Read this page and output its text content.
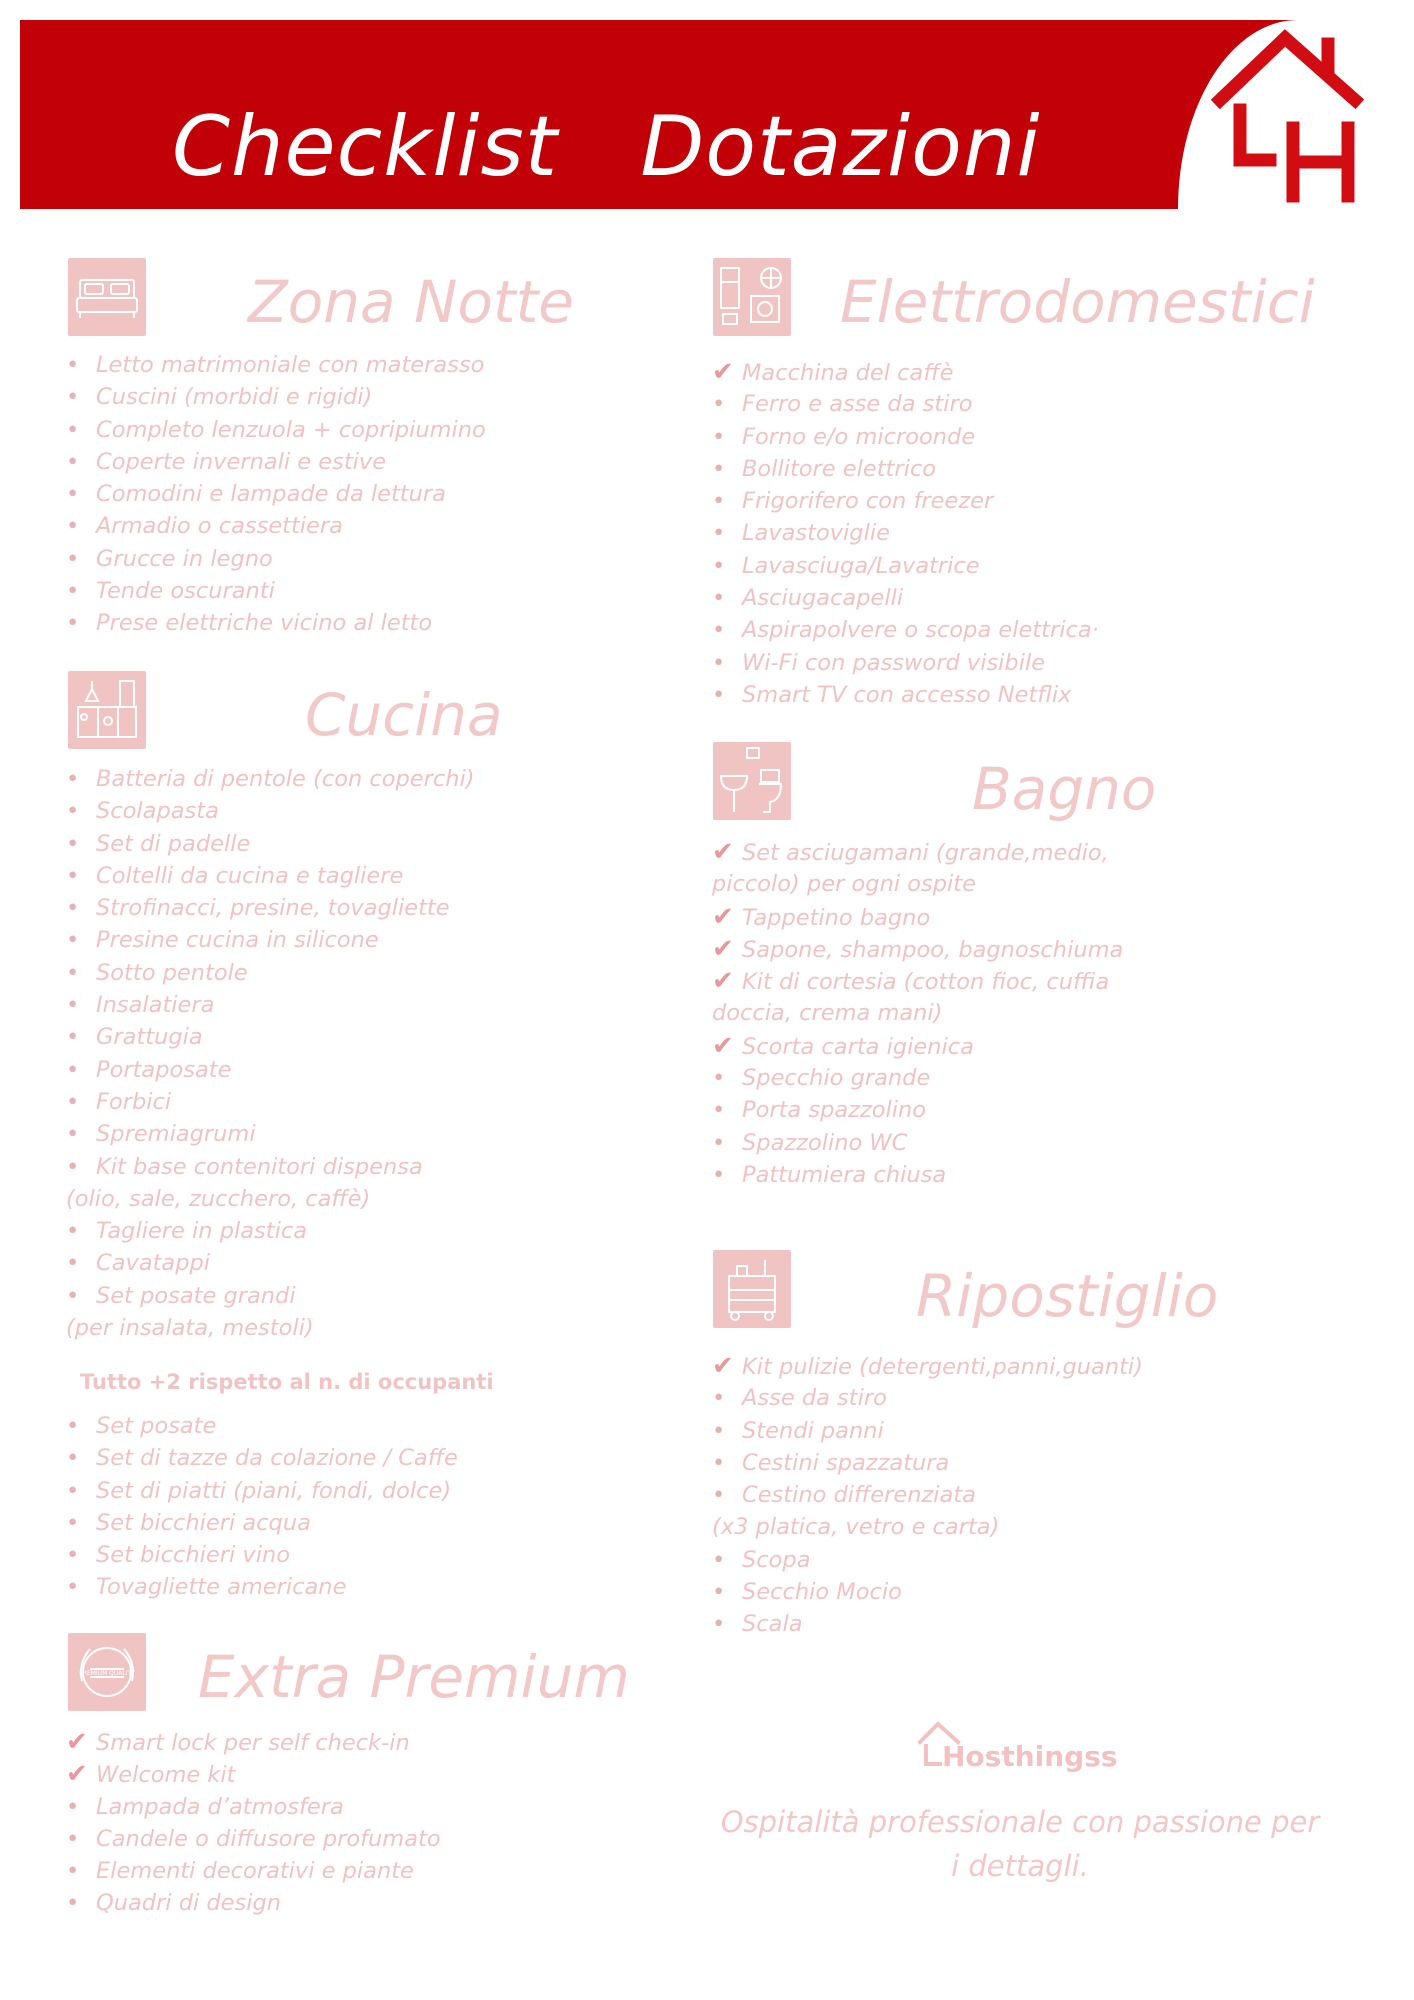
Checklist   Dotazioni
Zona Notte
• Letto matrimoniale con materasso
• Cuscini (morbidi e rigidi)
• Completo lenzuola + copripiumino
• Coperte invernali e estive
• Comodini e lampade da lettura
• Armadio o cassettiera
• Grucce in legno
• Tende oscuranti
• Prese elettriche vicino al letto
Cucina
• Batteria di pentole (con coperchi)
• Scolapasta
• Set di padelle
• Coltelli da cucina e tagliere
• Strofinacci, presine, tovagliette
• Presine cucina in silicone
• Sotto pentole
• Insalatiera
• Grattugia
• Portaposate
• Forbici
• Spremiagrumi
• Kit base contenitori dispensa
(olio, sale, zucchero, caffè)
• Tagliere in plastica
• Cavatappi
• Set posate grandi
(per insalata, mestoli)
Tutto +2 rispetto al n. di occupanti
• Set posate
• Set di tazze da colazione / Caffe
• Set di piatti (piani, fondi, dolce)
• Set bicchieri acqua
• Set bicchieri vino
• Tovagliette americane
PREMIUM QUALITY Extra Premium
✔ Smart lock per self check-in
✔ Welcome kit
• Lampada d’atmosfera
• Candele o diffusore profumato
• Elementi decorativi e piante
• Quadri di design
Elettrodomestici
✔ Macchina del caffè
• Ferro e asse da stiro
• Forno e/o microonde
• Bollitore elettrico
• Frigorifero con freezer
• Lavastoviglie
• Lavasciuga/Lavatrice
• Asciugacapelli
• Aspirapolvere o scopa elettrica·
• Wi-Fi con password visibile
• Smart TV con accesso Netflix
Bagno
✔ Set asciugamani (grande,medio,
piccolo) per ogni ospite
✔ Tappetino bagno
✔ Sapone, shampoo, bagnoschiuma
✔ Kit di cortesia (cotton fioc, cuffia
doccia, crema mani)
✔ Scorta carta igienica
• Specchio grande
• Porta spazzolino
• Spazzolino WC
• Pattumiera chiusa
Ripostiglio
✔ Kit pulizie (detergenti,panni,guanti)
• Asse da stiro
• Stendi panni
• Cestini spazzatura
• Cestino differenziata
(x3 platica, vetro e carta)
• Scopa
• Secchio Mocio
• Scala
Hosthingss
Ospitalità professionale con passione per i dettagli.
